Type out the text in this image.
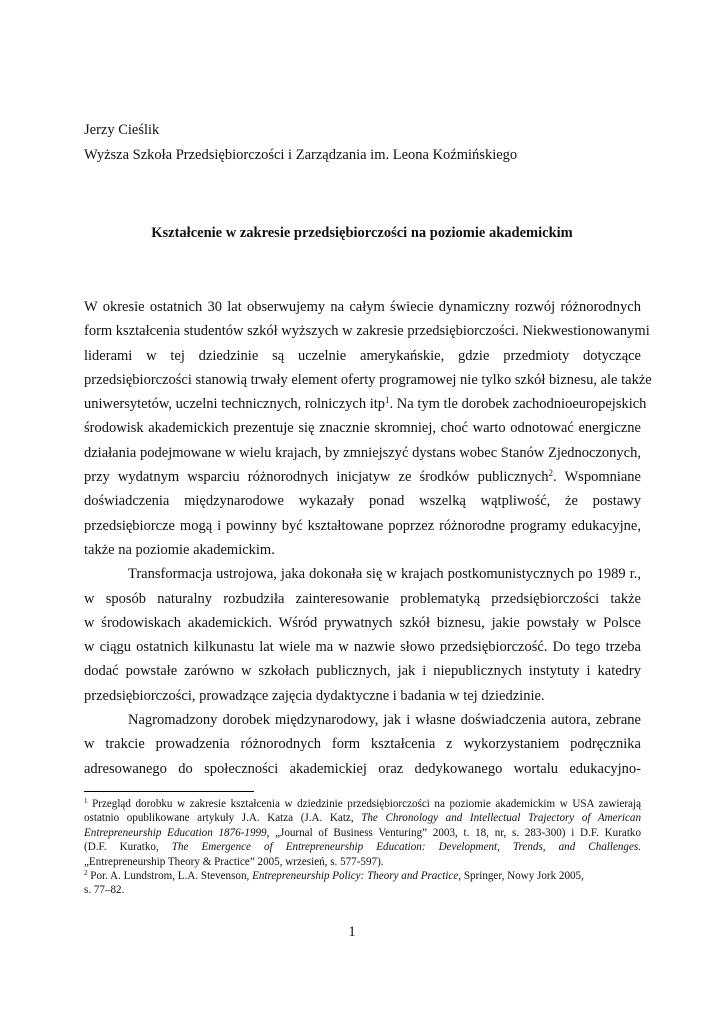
Jerzy Cieślik
Wyższa Szkoła Przedsiębiorczości i Zarządzania im. Leona Koźmińskiego
Kształcenie w zakresie przedsiębiorczości na poziomie akademickim
W okresie ostatnich 30 lat obserwujemy na całym świecie dynamiczny rozwój różnorodnych
form kształcenia studentów szkół wyższych w zakresie przedsiębiorczości. Niekwestionowanymi
liderami w tej dziedzinie są uczelnie amerykańskie, gdzie przedmioty dotyczące
przedsiębiorczości stanowią trwały element oferty programowej nie tylko szkół biznesu, ale także
uniwersytetów, uczelni technicznych, rolniczych itp$^1$. Na tym tle dorobek zachodnioeuropejskich
środowisk akademickich prezentuje się znacznie skromniej, choć warto odnotować energiczne
działania podejmowane w wielu krajach, by zmniejszyć dystans wobec Stanów Zjednoczonych,
przy wydatnym wsparciu różnorodnych inicjatyw ze środków publicznych$^2$. Wspomniane
doświadczenia międzynarodowe wykazały ponad wszelką wątpliwość, że postawy
przedsiębiorcze mogą i powinny być kształtowane poprzez różnorodne programy edukacyjne,
także na poziomie akademickim.
Transformacja ustrojowa, jaka dokonała się w krajach postkomunistycznych po 1989 r.,
w sposób naturalny rozbudziła zainteresowanie problematyką przedsiębiorczości także
w środowiskach akademickich. Wśród prywatnych szkół biznesu, jakie powstały w Polsce
w ciągu ostatnich kilkunastu lat wiele ma w nazwie słowo przedsiębiorczość. Do tego trzeba
dodać powstałe zarówno w szkołach publicznych, jak i niepublicznych instytuty i katedry
przedsiębiorczości, prowadzące zajęcia dydaktyczne i badania w tej dziedzinie.
Nagromadzony dorobek międzynarodowy, jak i własne doświadczenia autora, zebrane
w trakcie prowadzenia różnorodnych form kształcenia z wykorzystaniem podręcznika
adresowanego do społeczności akademickiej oraz dedykowanego wortalu edukacyjno-
$^1$ Przegląd dorobku w zakresie kształcenia w dziedzinie przedsiębiorczości na poziomie akademickim w USA zawierają
ostatnio opublikowane artykuły J.A. Katza (J.A. Katz, The Chronology and Intellectual Trajectory of American
Entrepreneurship Education 1876-1999, „Journal of Business Venturing” 2003, t. 18, nr, s. 283-300) i D.F. Kuratko
(D.F. Kuratko, The Emergence of Entrepreneurship Education: Development, Trends, and Challenges.
„Entrepreneurship Theory & Practice” 2005, wrzesień, s. 577-597).
$^2$ Por. A. Lundstrom, L.A. Stevenson, Entrepreneurship Policy: Theory and Practice, Springer, Nowy Jork 2005,
s. 77–82.
1
